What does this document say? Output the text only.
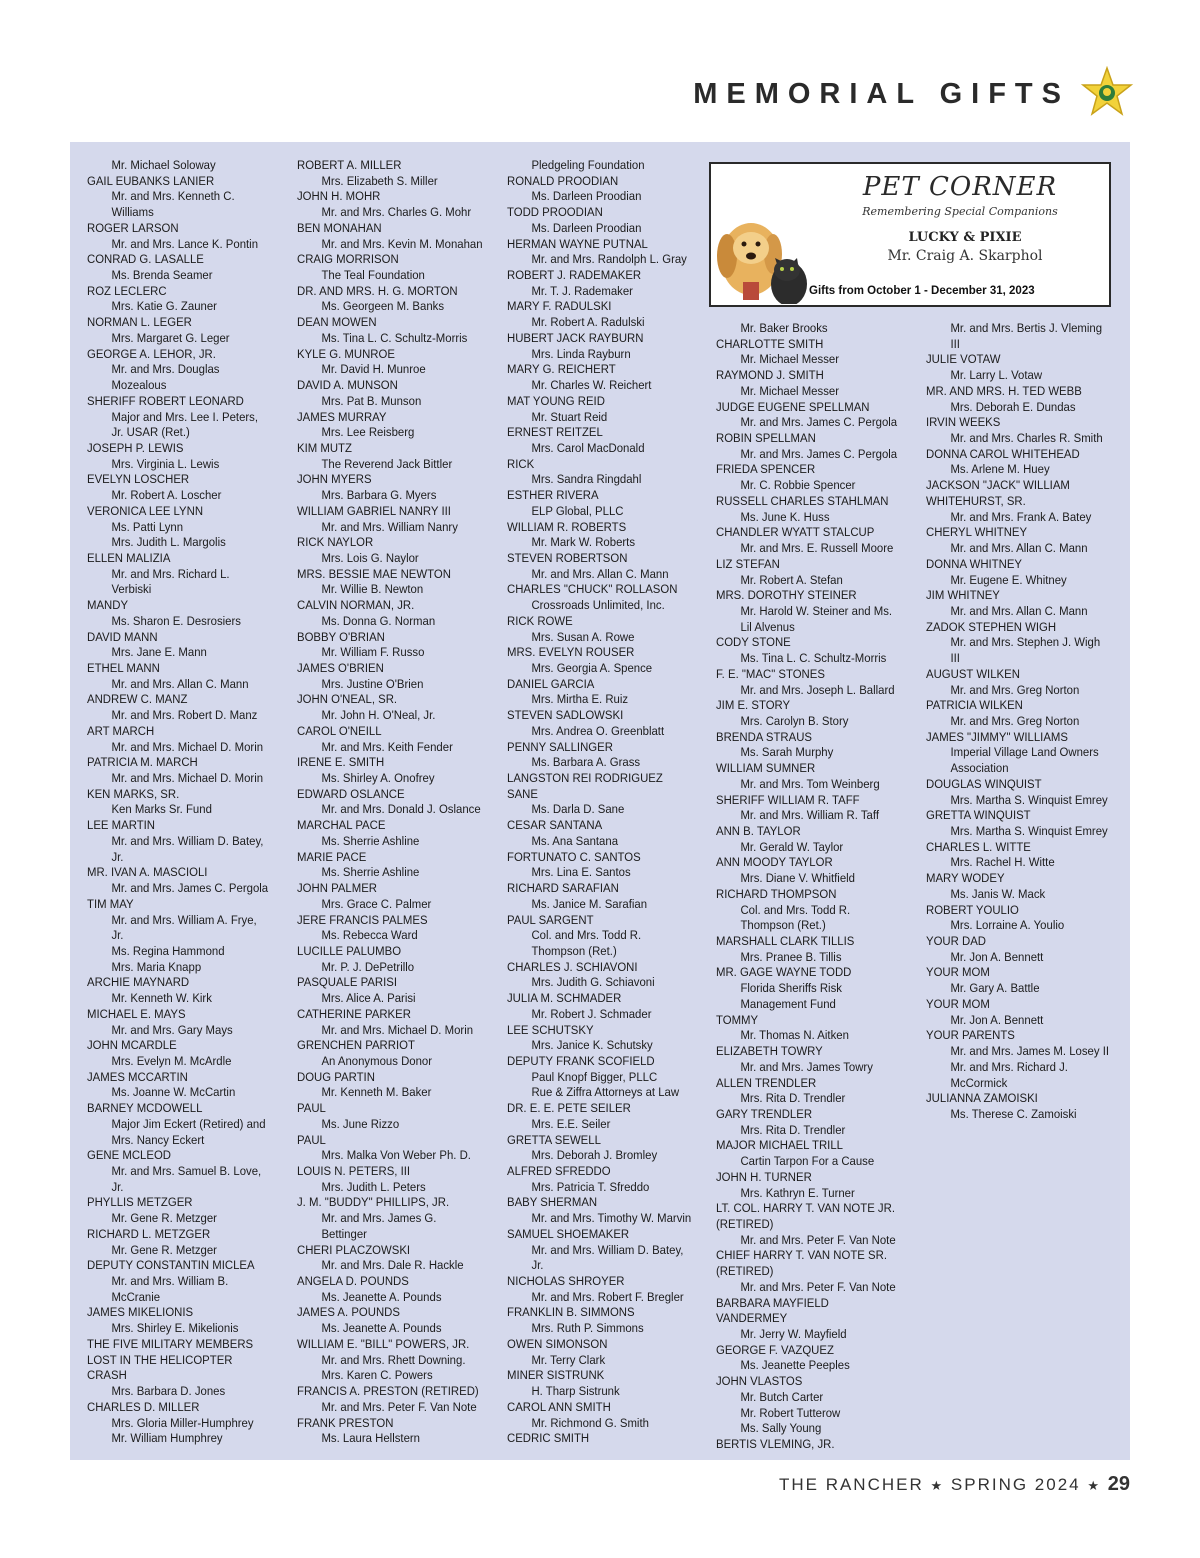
MEMORIAL GIFTS
Mr. Michael Soloway
GAIL EUBANKS LANIER
Mr. and Mrs. Kenneth C.
Williams
ROGER LARSON
Mr. and Mrs. Lance K. Pontin
CONRAD G. LASALLE
Ms. Brenda Seamer
ROZ LECLERC
Mrs. Katie G. Zauner
NORMAN L. LEGER
Mrs. Margaret G. Leger
GEORGE A. LEHOR, JR.
Mr. and Mrs. Douglas
Mozealous
SHERIFF ROBERT LEONARD
Major and Mrs. Lee I. Peters,
Jr. USAR (Ret.)
JOSEPH P. LEWIS
Mrs. Virginia L. Lewis
EVELYN LOSCHER
Mr. Robert A. Loscher
VERONICA LEE LYNN
Ms. Patti Lynn
Mrs. Judith L. Margolis
ELLEN MALIZIA
Mr. and Mrs. Richard L.
Verbiski
MANDY
Ms. Sharon E. Desrosiers
DAVID MANN
Mrs. Jane E. Mann
ETHEL MANN
Mr. and Mrs. Allan C. Mann
ANDREW C. MANZ
Mr. and Mrs. Robert D. Manz
ART MARCH
Mr. and Mrs. Michael D. Morin
PATRICIA M. MARCH
Mr. and Mrs. Michael D. Morin
KEN MARKS, SR.
Ken Marks Sr. Fund
LEE MARTIN
Mr. and Mrs. William D. Batey,
Jr.
MR. IVAN A. MASCIOLI
Mr. and Mrs. James C. Pergola
TIM MAY
Mr. and Mrs. William A. Frye,
Jr.
Ms. Regina Hammond
Mrs. Maria Knapp
ARCHIE MAYNARD
Mr. Kenneth W. Kirk
MICHAEL E. MAYS
Mr. and Mrs. Gary Mays
JOHN MCARDLE
Mrs. Evelyn M. McArdle
JAMES MCCARTIN
Ms. Joanne W. McCartin
BARNEY MCDOWELL
Major Jim Eckert (Retired) and
Mrs. Nancy Eckert
GENE MCLEOD
Mr. and Mrs. Samuel B. Love,
Jr.
PHYLLIS METZGER
Mr. Gene R. Metzger
RICHARD L. METZGER
Mr. Gene R. Metzger
DEPUTY CONSTANTIN MICLEA
Mr. and Mrs. William B.
McCranie
JAMES MIKELIONIS
Mrs. Shirley E. Mikelionis
THE FIVE MILITARY MEMBERS
LOST IN THE HELICOPTER
CRASH
Mrs. Barbara D. Jones
CHARLES D. MILLER
Mrs. Gloria Miller-Humphrey
Mr. William Humphrey
ROBERT A. MILLER
Mrs. Elizabeth S. Miller
JOHN H. MOHR
Mr. and Mrs. Charles G. Mohr
BEN MONAHAN
Mr. and Mrs. Kevin M. Monahan
CRAIG MORRISON
The Teal Foundation
DR. AND MRS. H. G. MORTON
Ms. Georgeen M. Banks
DEAN MOWEN
Ms. Tina L. C. Schultz-Morris
KYLE G. MUNROE
Mr. David H. Munroe
DAVID A. MUNSON
Mrs. Pat B. Munson
JAMES MURRAY
Mrs. Lee Reisberg
KIM MUTZ
The Reverend Jack Bittler
JOHN MYERS
Mrs. Barbara G. Myers
WILLIAM GABRIEL NANRY III
Mr. and Mrs. William Nanry
RICK NAYLOR
Mrs. Lois G. Naylor
MRS. BESSIE MAE NEWTON
Mr. Willie B. Newton
CALVIN NORMAN, JR.
Ms. Donna G. Norman
BOBBY O'BRIAN
Mr. William F. Russo
JAMES O'BRIEN
Mrs. Justine O'Brien
JOHN O'NEAL, SR.
Mr. John H. O'Neal, Jr.
CAROL O'NEILL
Mr. and Mrs. Keith Fender
IRENE E. SMITH
Ms. Shirley A. Onofrey
EDWARD OSLANCE
Mr. and Mrs. Donald J. Oslance
MARCHAL PACE
Ms. Sherrie Ashline
MARIE PACE
Ms. Sherrie Ashline
JOHN PALMER
Mrs. Grace C. Palmer
JERE FRANCIS PALMES
Ms. Rebecca Ward
LUCILLE PALUMBO
Mr. P. J. DePetrillo
PASQUALE PARISI
Mrs. Alice A. Parisi
CATHERINE PARKER
Mr. and Mrs. Michael D. Morin
GRENCHEN PARRIOT
An Anonymous Donor
DOUG PARTIN
Mr. Kenneth M. Baker
PAUL
Ms. June Rizzo
PAUL
Mrs. Malka Von Weber Ph. D.
LOUIS N. PETERS, III
Mrs. Judith L. Peters
J. M. "BUDDY" PHILLIPS, JR.
Mr. and Mrs. James G.
Bettinger
CHERI PLACZOWSKI
Mr. and Mrs. Dale R. Hackle
ANGELA D. POUNDS
Ms. Jeanette A. Pounds
JAMES A. POUNDS
Ms. Jeanette A. Pounds
WILLIAM E. "BILL" POWERS, JR.
Mr. and Mrs. Rhett Downing.
Mrs. Karen C. Powers
FRANCIS A. PRESTON (RETIRED)
Mr. and Mrs. Peter F. Van Note
FRANK PRESTON
Ms. Laura Hellstern
Pledgeling Foundation
RONALD PROODIAN
Ms. Darleen Proodian
TODD PROODIAN
Ms. Darleen Proodian
HERMAN WAYNE PUTNAL
Mr. and Mrs. Randolph L. Gray
ROBERT J. RADEMAKER
Mr. T. J. Rademaker
MARY F. RADULSKI
Mr. Robert A. Radulski
HUBERT JACK RAYBURN
Mrs. Linda Rayburn
MARY G. REICHERT
Mr. Charles W. Reichert
MAT YOUNG REID
Mr. Stuart Reid
ERNEST REITZEL
Mrs. Carol MacDonald
RICK
Mrs. Sandra Ringdahl
ESTHER RIVERA
ELP Global, PLLC
WILLIAM R. ROBERTS
Mr. Mark W. Roberts
STEVEN ROBERTSON
Mr. and Mrs. Allan C. Mann
CHARLES "CHUCK" ROLLASON
Crossroads Unlimited, Inc.
RICK ROWE
Mrs. Susan A. Rowe
MRS. EVELYN ROUSER
Mrs. Georgia A. Spence
DANIEL GARCIA
Mrs. Mirtha E. Ruiz
STEVEN SADLOWSKI
Mrs. Andrea O. Greenblatt
PENNY SALLINGER
Ms. Barbara A. Grass
LANGSTON REI RODRIGUEZ
SANE
Ms. Darla D. Sane
CESAR SANTANA
Ms. Ana Santana
FORTUNATO C. SANTOS
Mrs. Lina E. Santos
RICHARD SARAFIAN
Ms. Janice M. Sarafian
PAUL SARGENT
Col. and Mrs. Todd R.
Thompson (Ret.)
CHARLES J. SCHIAVONI
Mrs. Judith G. Schiavoni
JULIA M. SCHMADER
Mr. Robert J. Schmader
LEE SCHUTSKY
Mrs. Janice K. Schutsky
DEPUTY FRANK SCOFIELD
Paul Knopf Bigger, PLLC
Rue & Ziffra Attorneys at Law
DR. E. E. PETE SEILER
Mrs. E.E. Seiler
GRETTA SEWELL
Mrs. Deborah J. Bromley
ALFRED SFREDDO
Mrs. Patricia T. Sfreddo
BABY SHERMAN
Mr. and Mrs. Timothy W. Marvin
SAMUEL SHOEMAKER
Mr. and Mrs. William D. Batey,
Jr.
NICHOLAS SHROYER
Mr. and Mrs. Robert F. Bregler
FRANKLIN B. SIMMONS
Mrs. Ruth P. Simmons
OWEN SIMONSON
Mr. Terry Clark
MINER SISTRUNK
H. Tharp Sistrunk
CAROL ANN SMITH
Mr. Richmond G. Smith
CEDRIC SMITH
PET CORNER
Remembering Special Companions
LUCKY & PIXIE
Mr. Craig A. Skarphol
Gifts from October 1 - December 31, 2023
Mr. Baker Brooks
CHARLOTTE SMITH
Mr. Michael Messer
RAYMOND J. SMITH
Mr. Michael Messer
JUDGE EUGENE SPELLMAN
Mr. and Mrs. James C. Pergola
ROBIN SPELLMAN
Mr. and Mrs. James C. Pergola
FRIEDA SPENCER
Mr. C. Robbie Spencer
RUSSELL CHARLES STAHLMAN
Ms. June K. Huss
CHANDLER WYATT STALCUP
Mr. and Mrs. E. Russell Moore
LIZ STEFAN
Mr. Robert A. Stefan
MRS. DOROTHY STEINER
Mr. Harold W. Steiner and Ms.
Lil Alvenus
CODY STONE
Ms. Tina L. C. Schultz-Morris
F. E. "MAC" STONES
Mr. and Mrs. Joseph L. Ballard
JIM E. STORY
Mrs. Carolyn B. Story
BRENDA STRAUS
Ms. Sarah Murphy
WILLIAM SUMNER
Mr. and Mrs. Tom Weinberg
SHERIFF WILLIAM R. TAFF
Mr. and Mrs. William R. Taff
ANN B. TAYLOR
Mr. Gerald W. Taylor
ANN MOODY TAYLOR
Mrs. Diane V. Whitfield
RICHARD THOMPSON
Col. and Mrs. Todd R.
Thompson (Ret.)
MARSHALL CLARK TILLIS
Mrs. Pranee B. Tillis
MR. GAGE WAYNE TODD
Florida Sheriffs Risk
Management Fund
TOMMY
Mr. Thomas N. Aitken
ELIZABETH TOWRY
Mr. and Mrs. James Towry
ALLEN TRENDLER
Mrs. Rita D. Trendler
GARY TRENDLER
Mrs. Rita D. Trendler
MAJOR MICHAEL TRILL
Cartin Tarpon For a Cause
JOHN H. TURNER
Mrs. Kathryn E. Turner
LT. COL. HARRY T. VAN NOTE JR.
(RETIRED)
Mr. and Mrs. Peter F. Van Note
CHIEF HARRY T. VAN NOTE SR.
(RETIRED)
Mr. and Mrs. Peter F. Van Note
BARBARA MAYFIELD
VANDERMEY
Mr. Jerry W. Mayfield
GEORGE F. VAZQUEZ
Ms. Jeanette Peeples
JOHN VLASTOS
Mr. Butch Carter
Mr. Robert Tutterow
Ms. Sally Young
BERTIS VLEMING, JR.
Mr. and Mrs. Bertis J. Vleming
III
JULIE VOTAW
Mr. Larry L. Votaw
MR. AND MRS. H. TED WEBB
Mrs. Deborah E. Dundas
IRVIN WEEKS
Mr. and Mrs. Charles R. Smith
DONNA CAROL WHITEHEAD
Ms. Arlene M. Huey
JACKSON "JACK" WILLIAM
WHITEHURST, SR.
Mr. and Mrs. Frank A. Batey
CHERYL WHITNEY
Mr. and Mrs. Allan C. Mann
DONNA WHITNEY
Mr. Eugene E. Whitney
JIM WHITNEY
Mr. and Mrs. Allan C. Mann
ZADOK STEPHEN WIGH
Mr. and Mrs. Stephen J. Wigh
III
AUGUST WILKEN
Mr. and Mrs. Greg Norton
PATRICIA WILKEN
Mr. and Mrs. Greg Norton
JAMES "JIMMY" WILLIAMS
Imperial Village Land Owners
Association
DOUGLAS WINQUIST
Mrs. Martha S. Winquist Emrey
GRETTA WINQUIST
Mrs. Martha S. Winquist Emrey
CHARLES L. WITTE
Mrs. Rachel H. Witte
MARY WODEY
Ms. Janis W. Mack
ROBERT YOULIO
Mrs. Lorraine A. Youlio
YOUR DAD
Mr. Jon A. Bennett
YOUR MOM
Mr. Gary A. Battle
YOUR MOM
Mr. Jon A. Bennett
YOUR PARENTS
Mr. and Mrs. James M. Losey II
Mr. and Mrs. Richard J.
McCormick
JULIANNA ZAMOISKI
Ms. Therese C. Zamoiski
THE RANCHER ★ SPRING 2024 ★ 29
